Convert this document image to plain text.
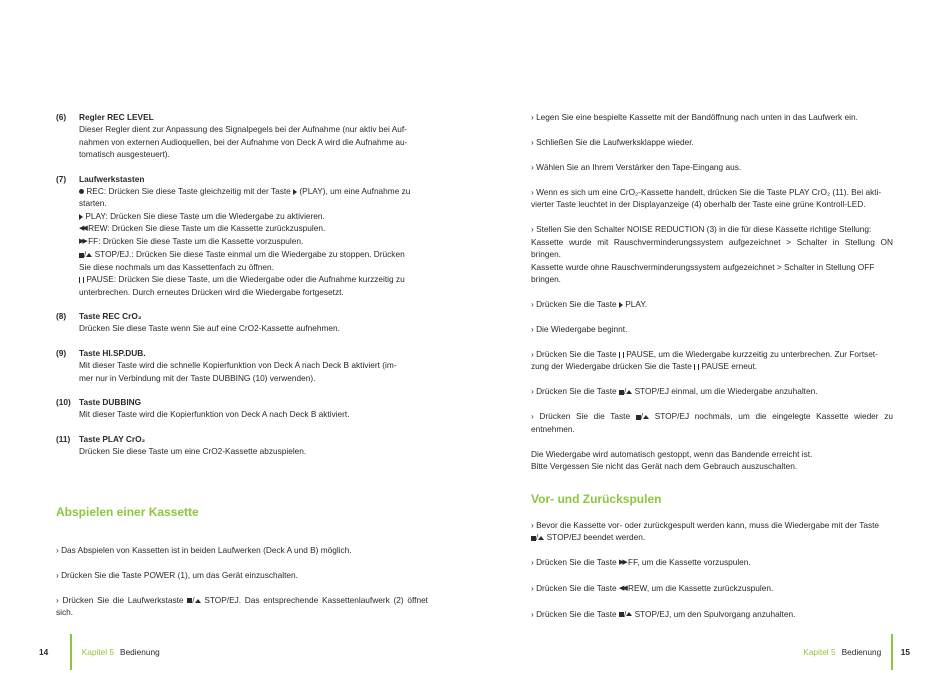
(6)	Regler REC LEVEL
Dieser Regler dient zur Anpassung des Signalpegels bei der Aufnahme (nur aktiv bei Auf-
nahmen von externen Audioquellen, bei der Aufnahme von Deck A wird die Aufnahme au-
tomatisch ausgesteuert).
(7)	Laufwerkstasten
REC: Drücken Sie diese Taste gleichzeitig mit der Taste (PLAY), um eine Aufnahme zu
starten.
PLAY: Drücken Sie diese Taste um die Wiedergabe zu aktivieren.
◀◀ REW: Drücken Sie diese Taste um die Kassette zurückzuspulen.
▶▶ FF: Drücken Sie diese Taste um die Kassette vorzuspulen.
/ STOP/EJ.: Drücken Sie diese Taste einmal um die Wiedergabe zu stoppen. Drücken
Sie diese nochmals um das Kassettenfach zu öffnen.
PAUSE: Drücken Sie diese Taste, um die Wiedergabe oder die Aufnahme kurzzeitig zu
unterbrechen. Durch erneutes Drücken wird die Wiedergabe fortgesetzt.
(8)	Taste REC CrO₂
Drücken Sie diese Taste wenn Sie auf eine CrO2-Kassette aufnehmen.
(9)	Taste HI.SP.DUB.
Mit dieser Taste wird die schnelle Kopierfunktion von Deck A nach Deck B aktiviert (im-
mer nur in Verbindung mit der Taste DUBBING (10) verwenden).
(10) Taste DUBBING
Mit dieser Taste wird die Kopierfunktion von Deck A nach Deck B aktiviert.
(11)	Taste PLAY CrO₂
Drücken Sie diese Taste um eine CrO2-Kassette abzuspielen.
Abspielen einer Kassette
› Das Abspielen von Kassetten ist in beiden Laufwerken (Deck A und B) möglich.
› Drücken Sie die Taste POWER (1), um das Gerät einzuschalten.
› Drücken Sie die Laufwerkstaste / STOP/EJ. Das entsprechende Kassettenlaufwerk (2) öffnet sich.
14	Kapitel 5 Bedienung
› Legen Sie eine bespielte Kassette mit der Bandöffnung nach unten in das Laufwerk ein.
› Schließen Sie die Laufwerksklappe wieder.
› Wählen Sie an Ihrem Verstärker den Tape-Eingang aus.
› Wenn es sich um eine CrO₂-Kassette handelt, drücken Sie die Taste PLAY CrO₂ (11). Bei akti-
vierter Taste leuchtet in der Displayanzeige (4) oberhalb der Taste eine grüne Kontroll-LED.
› Stellen Sie den Schalter NOISE REDUCTION (3) in die für diese Kassette richtige Stellung:
Kassette wurde mit Rauschverminderungssystem aufgezeichnet > Schalter in Stellung ON bringen.
Kassette wurde ohne Rauschverminderungssystem aufgezeichnet > Schalter in Stellung OFF
bringen.
› Drücken Sie die Taste PLAY.
› Die Wiedergabe beginnt.
› Drücken Sie die Taste PAUSE, um die Wiedergabe kurzzeitig zu unterbrechen. Zur Fortset-
zung der Wiedergabe drücken Sie die Taste PAUSE erneut.
› Drücken Sie die Taste / STOP/EJ einmal, um die Wiedergabe anzuhalten.
› Drücken Sie die Taste / STOP/EJ nochmals, um die eingelegte Kassette wieder zu entnehmen.
Die Wiedergabe wird automatisch gestoppt, wenn das Bandende erreicht ist.
Bitte Vergessen Sie nicht das Gerät nach dem Gebrauch auszuschalten.
Vor- und Zurückspulen
› Bevor die Kassette vor- oder zurückgespult werden kann, muss die Wiedergabe mit der Taste
/ STOP/EJ beendet werden.
› Drücken Sie die Taste ▶▶ FF, um die Kassette vorzuspulen.
› Drücken Sie die Taste ◀◀ REW, um die Kassette zurückzuspulen.
› Drücken Sie die Taste / STOP/EJ, um den Spulvorgang anzuhalten.
Kapitel 5 Bedienung 15
